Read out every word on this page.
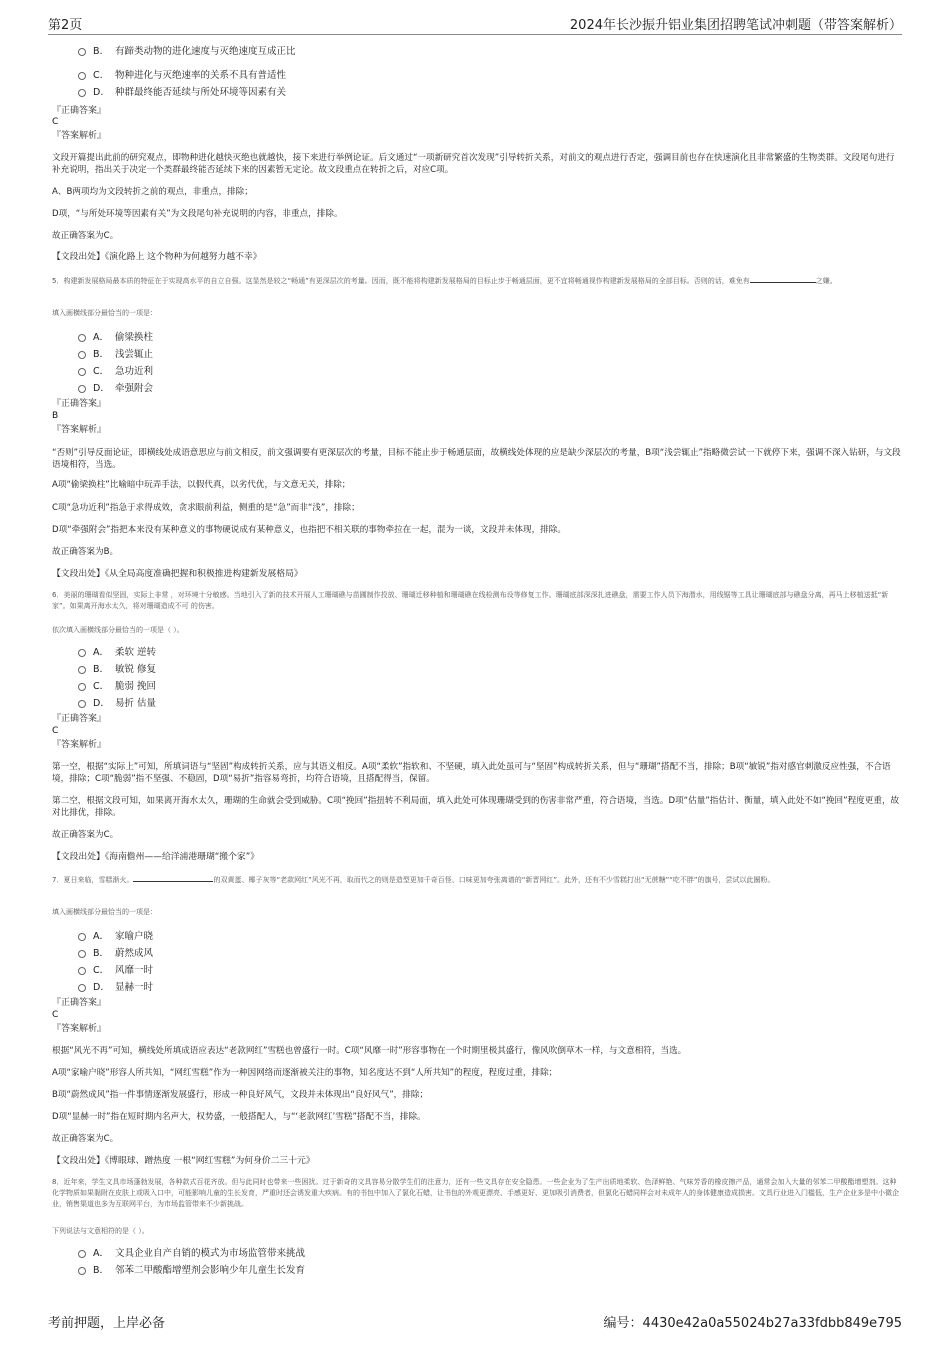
第2页	2024年长沙振升铝业集团招聘笔试冲刺题（带答案解析）
B.	有蹄类动物的进化速度与灭绝速度互成正比
C.	物种进化与灭绝速率的关系不具有普适性
D.	种群最终能否延续与所处环境等因素有关
『正确答案』
C
『答案解析』
文段开篇提出此前的研究观点，即物种进化越快灭绝也就越快，接下来进行举例论证。后文通过“一项新研究首次发现”引导转折关系，对前文的观点进行否定，强调目前也存在快速演化且非常繁盛的生物类群。文段尾句进行补充说明，指出关于决定一个类群最终能否延续下来的因素暂无定论。故文段重点在转折之后，对应C项。
A、B两项均为文段转折之前的观点，非重点，排除；
D项，“与所处环境等因素有关”为文段尾句补充说明的内容，非重点，排除。
故正确答案为C。
【文段出处】《演化路上 这个物种为何越努力越不幸》
5．构建新发展格局最本质的特征在于实现高水平的自立自强。这显然是较之“畅通”有更深层次的考量。因而，既不能将构建新发展格局的目标止步于畅通层面，更不宜将畅通视作构建新发展格局的全部目标。否则的话，难免有	之嫌。
填入画横线部分最恰当的一项是：
A． 偷梁换柱
B． 浅尝辄止
C． 急功近利
D． 牵强附会
『正确答案』
B
『答案解析』
“否则”引导反面论证，即横线处成语意思应与前文相反，前文强调要有更深层次的考量，目标不能止步于畅通层面，故横线处体现的应是缺少深层次的考量，B项“浅尝辄止”指略微尝试一下就停下来，强调不深入钻研，与文段语境相符，当选。
A项“偷梁换柱”比喻暗中玩弄手法，以假代真，以劣代优，与文意无关，排除；
C项“急功近利”指急于求得成效，贪求眼前利益，侧重的是“急”而非“浅”，排除；
D项“牵强附会”指把本来没有某种意义的事物硬说成有某种意义，也指把不相关联的事物牵拉在一起，混为一谈，文段并未体现，排除。
故正确答案为B。
【文段出处】《从全局高度准确把握和积极推进构建新发展格局》
6．美丽的珊瑚看似坚固，实际上非常 ，对环境十分敏感。当地引入了新的技术开展人工珊瑚礁与苗圃制作投放、珊瑚迁移种植和珊瑚礁在线检测布设等修复工作。珊瑚底部深深扎进礁盘，需要工作人员下海潜水，用线锯等工具让珊瑚底部与礁盘分离，再马上移植送抵“新家”。如果离开海水太久，将对珊瑚造成不可 的伤害。
依次填入画横线部分最恰当的一项是（ ）。
A． 柔软 逆转
B． 敏锐 修复
C． 脆弱 挽回
D． 易折 估量
『正确答案』
C
『答案解析』
第一空，根据“实际上”可知，所填词语与“坚固”构成转折关系，应与其语义相反。A项“柔软”指软和、不坚硬，填入此处虽可与“坚固”构成转折关系，但与“珊瑚”搭配不当，排除；B项“敏锐”指对感官刺激反应性强，不合语境，排除；C项“脆弱”指不坚强、不稳固，D项“易折”指容易弯折，均符合语境，且搭配得当，保留。
第二空，根据文段可知，如果离开海水太久，珊瑚的生命就会受到威胁。C项“挽回”指扭转不利局面，填入此处可体现珊瑚受到的伤害非常严重，符合语境，当选。D项“估量”指估计、衡量，填入此处不如“挽回”程度更重，故对比排优，排除。
故正确答案为C。
【文段出处】《海南儋州——给洋浦港珊瑚“搬个家”》
7．夏日来临，雪糕渐火。	的双黄蛋、椰子灰等“老款网红”风光不再，取而代之的则是造型更加千奇百怪、口味更加夸张离谱的“新晋网红”。此外，还有不少雪糕打出“无蔗糖”“吃不胖”的旗号，尝试以此圈粉。
填入画横线部分最恰当的一项是：
A． 家喻户晓
B． 蔚然成风
C． 风靡一时
D． 显赫一时
『正确答案』
C
『答案解析』
根据“风光不再”可知，横线处所填成语应表达“老款网红”雪糕也曾盛行一时。C项“风靡一时”形容事物在一个时期里极其盛行，像风吹倒草木一样，与文意相符，当选。
A项“家喻户晓”形容人所共知，“网红雪糕”作为一种因网络而逐渐被关注的事物，知名度达不到“人所共知”的程度，程度过重，排除；
B项“蔚然成风”指一件事情逐渐发展盛行，形成一种良好风气，文段并未体现出“良好风气”，排除；
D项“显赫一时”指在短时期内名声大，权势盛，一般搭配人，与“‘老款网红’雪糕”搭配不当，排除。
故正确答案为C。
【文段出处】《博眼球、蹭热度 一根“网红雪糕”为何身价二三十元》
8．近年来，学生文具市场蓬勃发展，各种款式百花齐放。但与此同时也带来一些困扰。过于新奇的文具容易分散学生们的注意力，还有一些文具存在安全隐患。一些企业为了生产出质地柔软、色泽鲜艳、气味芳香的橡皮擦产品，通常会加入大量的邻苯二甲酸酯增塑剂。这种化学物质如果黏附在皮肤上或吸入口中，可能影响儿童的生长发育，严重时还会诱发重大疾病。有的书包中加入了氯化石蜡，让书包的外观更漂亮、手感更好、更加吸引消费者，但氯化石蜡同样会对未成年人的身体健康造成损害。文具行业进入门槛低，生产企业多是中小微企业，销售渠道也多为互联网平台，为市场监管带来不少新挑战。
下列说法与文意相符的是（ ）。
A． 文具企业自产自销的模式为市场监管带来挑战
B． 邻苯二甲酸酯增塑剂会影响少年儿童生长发育
考前押题，上岸必备	编号：4430e42a0a55024b27a33fdbb849e795
